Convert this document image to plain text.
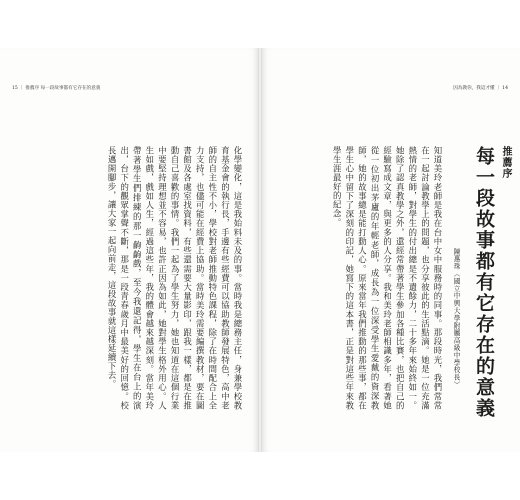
15 ｜ 推薦序 每一段故事都有它存在的意義
化學變化，這是我始料未及的事。當時我是總務主任，身兼學校教育基金會的執行長，手邊有些經費可以協助教師發展特色，高中老師的自主性不小，學校對老師推動特色課程，除了在時間配合上全力支持，也儘可能在經費上協助。當時美玲需要編撰教材，要在圖書館及各處室找資料，有些還需要大量影印，跟我一樣，都是在推動自己喜歡的事情。我們一起為了學生努力，她也知道在這個行業中要堅持理想並不容易，也許正因為如此，她對學生格外用心。人生如戲，戲如人生，經過這些年，我的體會越來越深刻。當年美玲帶著學生們排練的那一齣齣戲，至今我還記得，學生在台上的演出，台下的觀眾掌聲不斷，那是一段青春歲月中最美好的回憶。校長邁開腳步，讓大家一起向前走，這段故事就這樣延續下去。
因為教你，我這才懂 ｜ 14
推薦序
每一段故事都有它存在的意義
陳惠珠（國立中興大學附屬高級中學校長）
知道美玲老師是我在台中女中服務時的同事。那段時光，我們常常在一起討論教學上的問題，也分享彼此的生活點滴。她是一位充滿熱情的老師，對學生的付出總是不遺餘力，二十多年來始終如一。她除了認真教學之外，還經常帶著學生參加各種比賽，也把自己的經驗寫成文章，與更多的人分享。我和美玲老師相識多年，看著她從一位初出茅廬的年輕老師，成長為一位深受學生愛戴的資深教師，她的故事總是能打動人心。原來當年我們推動的那些事，都在學生心中留下了深刻的印記，她寫下的這本書，正是對這些年來教學生涯最好的紀念。
